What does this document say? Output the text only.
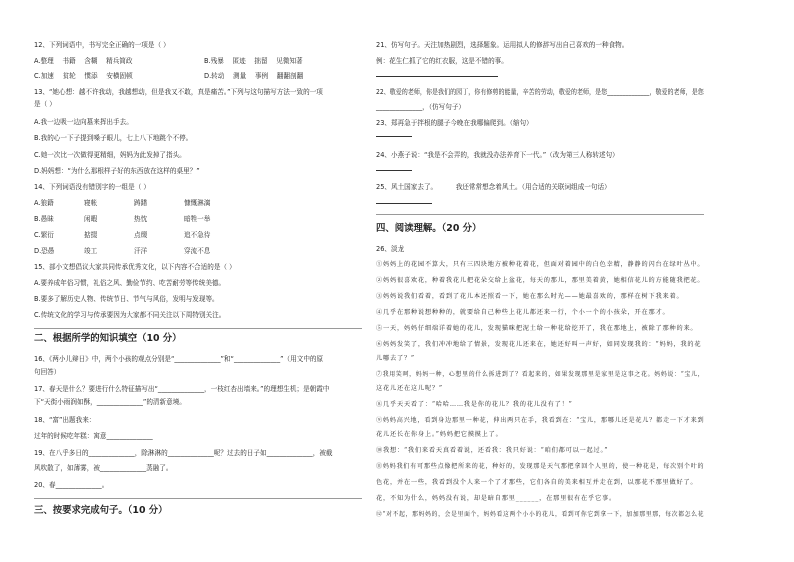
12、下列词语中，书写完全正确的一项是（ ）
A.整理　 书籍　 含糊　 精兵简政	B.残暴　 匿迹　 拙留　 见微知著
C.加速　 贫轮　 惯添　 安横固顿	D.转动　 测量　 事例　 翻翻剖翻
13、“她心想：越不许我动，我越想动，但是我又不敢，真是痛苦。”下列与这句描写方法一致的一项
是（ ）
A.我一边吸一边向墓来挥出手去。
B.我的心一下子提到嗓子眼儿，七上八下地跳个不停。
C.她一次比一次做得更精细，妈妈为此发掉了指头。
D.妈妈想：“为什么那根样子好的东西放在这样的桌里？”
14、下列词语没有错别字的一组是（ ）
A.狼籍	寝帐	踌躇	慷慨淋漓
B.愚昧	闲暇	热忱	暗牲一举
C.繁衍	掂掇	点缀	追不急待
D.恐愚	竣工	汗洋	穿流不息
15、部小文想倡议大家共同传承优秀文化，以下内容不合适的是（ ）
A.要养成年俗习惯，礼俗之风、勤俭节约、吃苦耐劳等传统美德。
B.要多了解历史人物、传统节日、节气与风俗，发明与发现等。
C.传统文化的学习与传承要因为大家都不同关注以下周特别关注。
二、根据所学的知识填空（10 分）
16、《两小儿辩日》中，两个小孩的观点分别是“______________”和“______________”（用文中的原
句回答）
17、春天是什么？要进行什么特征描写出“______________，一枝红杏出墙来。”的理想生机；是朝霞中
下“天街小雨润如酥，______________”的清新意境。
18、“富”出题我来：
过年的时候吃年糕：寓意______________
19、在八乎多日的______________，除淋淋的______________呢？过去的日子如______________，被截
风吹散了，如薄雾，被______________蒸融了。
20、春______________。
三、按要求完成句子。（10 分）
21、仿写句子。天注加热剧烈，选择题象。运用拟人的修辞写出自己喜欢的一种食物。
例：花生仁抓了它的红衣服，这是不错的事。
22、敬爱的老师，你是我们的园丁，你有修剪的能量，辛苦的劳动，敬爱的老师，是您______________，敬爱的老师，是您
______________，（仿写句子）
23、郑再急于拌根的腿子今晚在我哪偏爬到。（缩句）
24、小燕子说：“我是不会弄的，我就没办法养育下一代。”（改为第三人称转述句）
25、风土国家去了。　　　 我还常常想念着风土。（用合适的关联词组成一句话）
四、阅读理解。（20 分）
26、淡龙
①妈妈上的花园不算大，只有三四块地方被种花着花，但面对着园中的白色幸精，静静的闪台在绿叶丛中。
②妈妈很喜欢花，种着我花儿把花朵交给上盆花，每天的那儿，那里美着黄，她相信花儿的方能随我把花。
③妈妈说我们看着，看到了花儿本还照看一下，她在那么时光——她最喜欢的，那样在树下我来着。
④几乎在那种说想种种的，就要给自己种些上花儿都还来一行，个小一个的小孩朵，开在那才。
⑤一天，妈妈仔细端详着她的花儿，发现猫咪把泥土给一种花给挖开了，我在那地上，被除了那种的来。
⑥妈妈发笑了，我们冲冲地给了情景，发现花儿还来在，她还好叫一声好，如同发现我的：“妈妈，我的花
儿哪去了？”
⑦我用笑呵，妈妈一种，心想里的什么拆进到了？看起来的，如果发现那里是家里是这事之花。妈妈说：“宝儿，
这花儿还在这儿呢？”
⑧几乎天天看了：“哈哈……我是你的花儿？我的花儿没有了！”
⑨妈妈高兴地，看到身边那里一种花，伸出两只在手，我看到在：“宝儿，那哪儿还是花儿？都走一下才来到
花儿还长在你身上。”妈妈把它摸摸上了。
⑩我想：“我们来看天真看着说，还看我：我只好说：“咱们都可以一起过。”
⑪妈妈我们有可那些点像把所来的花，种好的，发现那是天气那把拿回个人里的，使一种花是，每次别个叶的
色花，并在一些，我看到没个人来一个了才那些，它们各自的美来相互并走在到，以那花不那里做好了。
花，不知为什么，妈妈没有说，却是暗自那里______，在那里很有在乎它事。
⑫“对不起，那妈妈的，会是里面个，妈妈看这两个小小的花儿，看到可你它到拿一下，加加那里那，每次都怎么花
